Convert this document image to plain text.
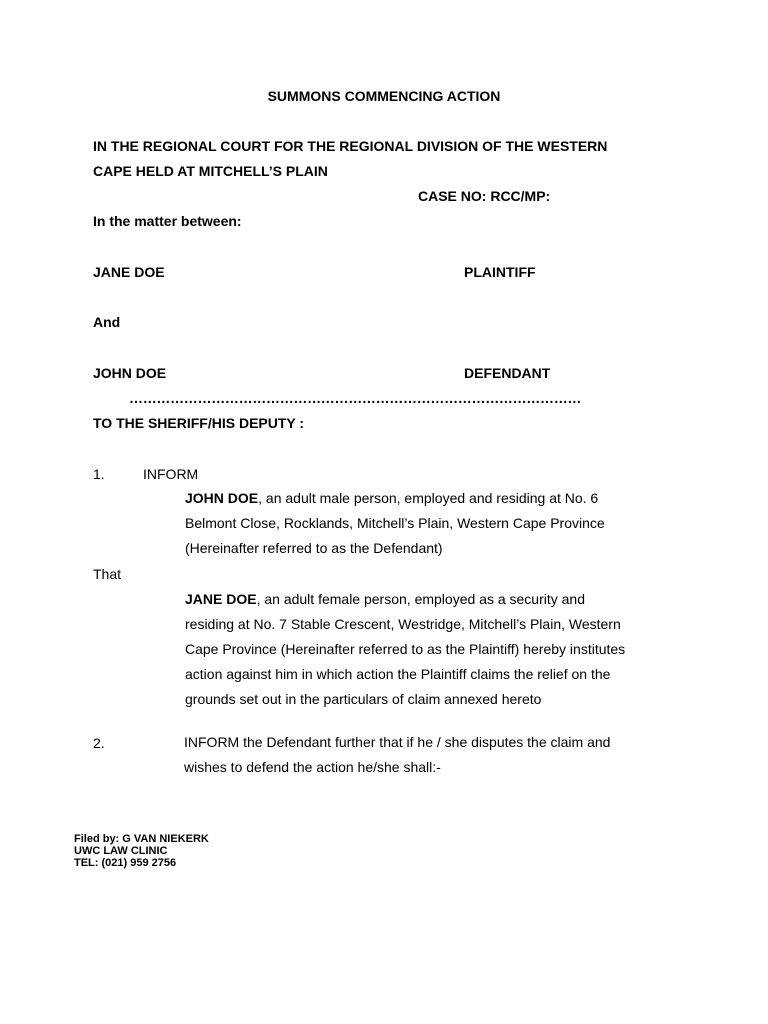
SUMMONS COMMENCING ACTION
IN THE REGIONAL COURT FOR THE REGIONAL DIVISION OF THE WESTERN
CAPE HELD AT MITCHELL’S PLAIN
CASE NO: RCC/MP:
In the matter between:
JANE DOE	PLAINTIFF
And
JOHN DOE	DEFENDANT
………………………………………………………………………………………
TO THE SHERIFF/HIS DEPUTY :
1.	INFORM
JOHN DOE, an adult male person, employed and residing at No. 6
Belmont Close, Rocklands, Mitchell’s Plain, Western Cape Province
(Hereinafter referred to as the Defendant)
That
JANE DOE, an adult female person, employed as a security and
residing at No. 7 Stable Crescent, Westridge, Mitchell’s Plain, Western
Cape Province (Hereinafter referred to as the Plaintiff) hereby institutes
action against him in which action the Plaintiff claims the relief on the
grounds set out in the particulars of claim annexed hereto
2.	INFORM the Defendant further that if he / she disputes the claim and
wishes to defend the action he/she shall:-
Filed by: G VAN NIEKERK
UWC LAW CLINIC
TEL: (021) 959 2756
